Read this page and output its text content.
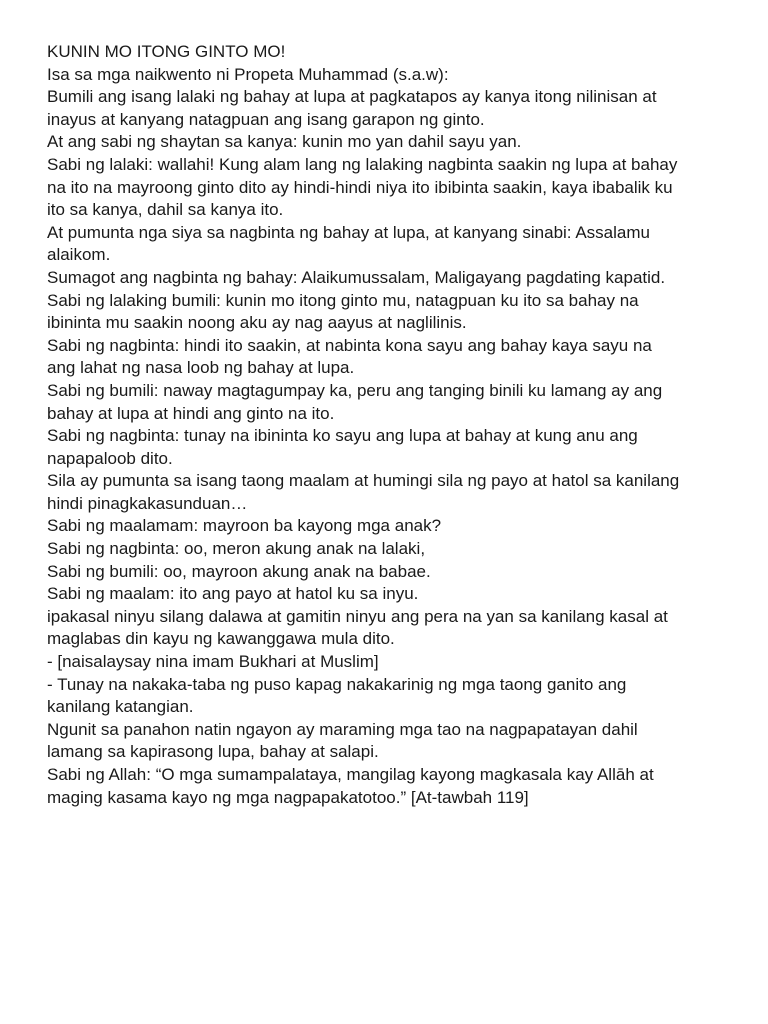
KUNIN MO ITONG GINTO MO!
Isa sa mga naikwento ni Propeta Muhammad (s.a.w):
Bumili ang isang lalaki ng bahay at lupa at pagkatapos ay kanya itong nilinisan at
inayus at kanyang natagpuan ang isang garapon ng ginto.
At ang sabi ng shaytan sa kanya: kunin mo yan dahil sayu yan.
Sabi ng lalaki: wallahi! Kung alam lang ng lalaking nagbinta saakin ng lupa at bahay
na ito na mayroong ginto dito ay hindi-hindi niya ito ibibinta saakin, kaya ibabalik ku
ito sa kanya, dahil sa kanya ito.
At pumunta nga siya sa nagbinta ng bahay at lupa, at kanyang sinabi: Assalamu
alaikom.
Sumagot ang nagbinta ng bahay: Alaikumussalam, Maligayang pagdating kapatid.
Sabi ng lalaking bumili: kunin mo itong ginto mu, natagpuan ku ito sa bahay na
ibininta mu saakin noong aku ay nag aayus at naglilinis.
Sabi ng nagbinta: hindi ito saakin, at nabinta kona sayu ang bahay kaya sayu na
ang lahat ng nasa loob ng bahay at lupa.
Sabi ng bumili: naway magtagumpay ka, peru ang tanging binili ku lamang ay ang
bahay at lupa at hindi ang ginto na ito.
Sabi ng nagbinta: tunay na ibininta ko sayu ang lupa at bahay at kung anu ang
napapaloob dito.
Sila ay pumunta sa isang taong maalam at humingi sila ng payo at hatol sa kanilang
hindi pinagkakasunduan…
Sabi ng maalamam: mayroon ba kayong mga anak?
Sabi ng nagbinta: oo, meron akung anak na lalaki,
Sabi ng bumili: oo, mayroon akung anak na babae.
Sabi ng maalam: ito ang payo at hatol ku sa inyu.
ipakasal ninyu silang dalawa at gamitin ninyu ang pera na yan sa kanilang kasal at
maglabas din kayu ng kawanggawa mula dito.
- [naisalaysay nina imam Bukhari at Muslim]
- Tunay na nakaka-taba ng puso kapag nakakarinig ng mga taong ganito ang
kanilang katangian.
Ngunit sa panahon natin ngayon ay maraming mga tao na nagpapatayan dahil
lamang sa kapirasong lupa, bahay at salapi.
Sabi ng Allah: “O mga sumampalataya, mangilag kayong magkasala kay Allāh at
maging kasama kayo ng mga nagpapakatotoo.” [At-tawbah 119]
